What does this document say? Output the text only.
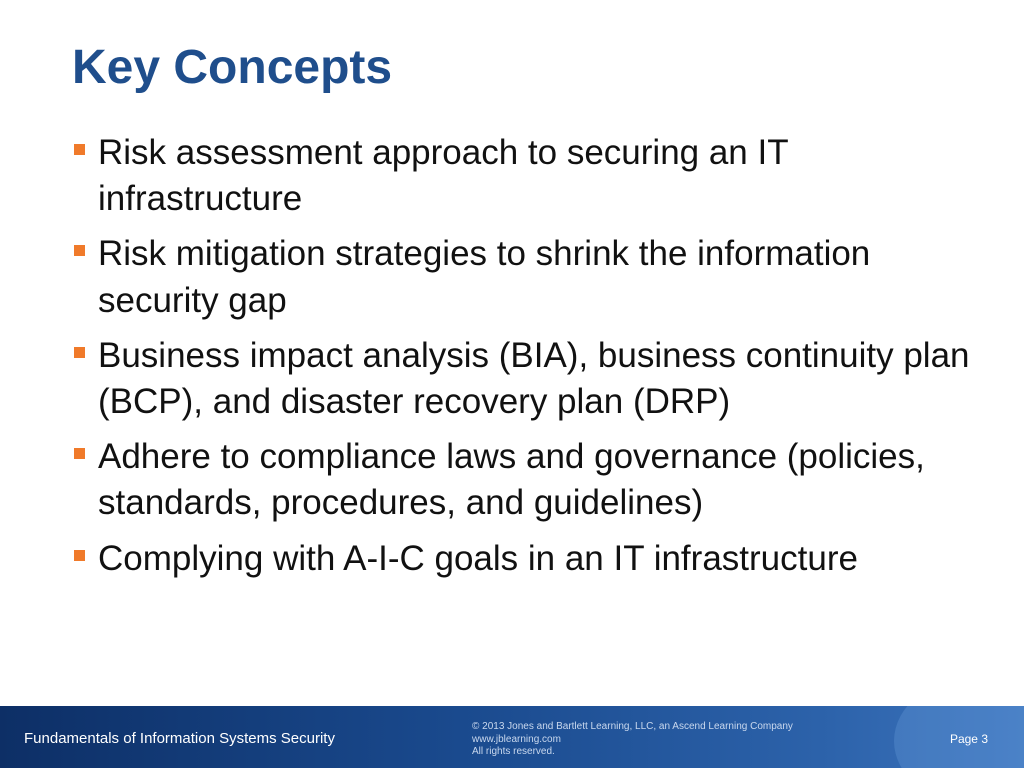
Key Concepts
Risk assessment approach to securing an IT infrastructure
Risk mitigation strategies to shrink the information security gap
Business impact analysis (BIA), business continuity plan (BCP), and disaster recovery plan (DRP)
Adhere to compliance laws and governance (policies, standards, procedures, and guidelines)
Complying with A-I-C goals in an IT infrastructure
Fundamentals of Information Systems Security
© 2013 Jones and Bartlett Learning, LLC, an Ascend Learning Company
www.jblearning.com
All rights reserved.
Page 3
